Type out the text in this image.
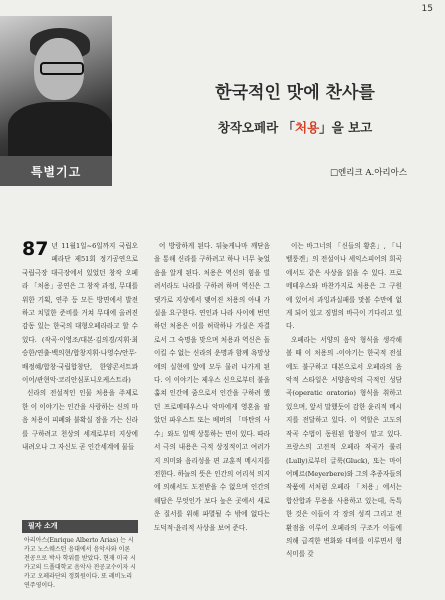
15
특별기고
한국적인 맛에 찬사를
창작오페라 「처용」을 보고
□엔리크 A.아리아스
87 년 11월1일~6일까지 국립오페라단 제51회 정기공연으로 국립극장 대극장에서 있었던 창작 오페라 「처용」공연은 그 창작 과정, 무대를 위한 기획, 연주 등 모든 방면에서 발전하고 치밀한 준비를 거쳐 무대에 올려진 감동 있는 한국의 대형오페라라고 할 수 있다. (작곡·이영조/대본·김의경/지휘·최승한/연출·백의현/합창지휘·나영수/안무·배정혜/합창·국립합창단, 한양콘서트콰이어/관현악·코리안심포니오케스트라)

신라의 전설적인 인물 처용을 주제로 한 이 이야기는 인간을 사랑하는 신의 마음 처용이 피폐와 불확실 잠을 가는 신라를 구하려고 천상의 세계로부터 지상에 내려오나 그 자신도 곧 인간세계에 물들

어 방랑하게 된다. 뒤늦게나마 깨닫음을 통해 신라를 구하려고 하나 너무 늦었음을 알게 된다. 처용은 역신의 힘을 빌려서라도 나라를 구하려 하며 역신은 그 댓가로 지상에서 맺어진 처용의 아내 가실을 요구한다. 연인과 나라 사이에 번민하던 처용은 이를 허락하나 가실은 자결로서 그 숙명을 맞으며 처용과 역신은 돌이킬 수 없는 신라의 운명과 함께 욕망상에의 실현에 앞에 모두 물러 나가게 된다. 이 이야기는 제우스 신으로부터 불을 훔쳐 인간에 줌으로서 인간을 구하려 했던 프로메테우스나 악마에게 영혼을 팔았던 파우스트 또는 베버의 「마탄의 사수」와도 일맥 상통하는 면이 있다. 따라서 극의 내용은 극적 상징적이고 여러가지 의미와 음리성을 편 교훈적 메시지를 전한다. 하늘의 뜻은 인간의 어리석 의지에 의해서도 도전받을 수 없으며 인간의 해답은 무엇인가 보다 높은 곳에서 새로운 질서를 위해 파멸될 수 밖에 없다는 도덕적·윤리적 사상을 보여 준다.

이는 바그너의 「신들의 황혼」, 「니벨룽겐」의 전설이나 세익스피어의 희곡에서도 같은 사상을 읽을 수 있다. 프로메테우스와 바찬가지로 처용은 그 구원에 있어서 과잉과실패를 맛볼 수만에 없게 되어 있고 징벌의 바극이 기다리고 있다.

오페라는 서양의 음악 형식을 생각해 볼 때 이 처용의 -이야기는 한국적 전설에도 불구하고 대본으로서 오페라의 음악적 스타일은 서양음악의 극적인 성담곡(operatic oratorio) 형식을 취하고 있으며, 앞서 말했듯이 감한 윤리적 메시지를 전달하고 있다. 이 역할은 고도의 작곡 수법이 동원된 합창이 맡고 있다. 프랑스의 고전적 오페라 작곡가 룰리(Lully)로부터 글룩(Gluck), 또는 마이어베르(Meyerbere)와 그의 추종자들의 작품에 서처럼 오페라 「처용」에서는 합산합과 무용을 사용하고 있는데, 독특한 것은 이들이 각 장의 성격 그리고 전환점을 이루어 오페라의 구조가 이들에 의해 급격한 변화와 대비를 이루면서 형식미를 갖

필자 소개
아리아스(Enrique Alberto Arias) 는 시카고 노스웨스턴 음대에서 음악사와 이론 전공으로 박사 학위를 받았다. 현재 미국 시카고의 드폴대학교 음악사 전공교수이자 시카고 오페라단의 정회원이다. 또 레비노리 연주영이다.
